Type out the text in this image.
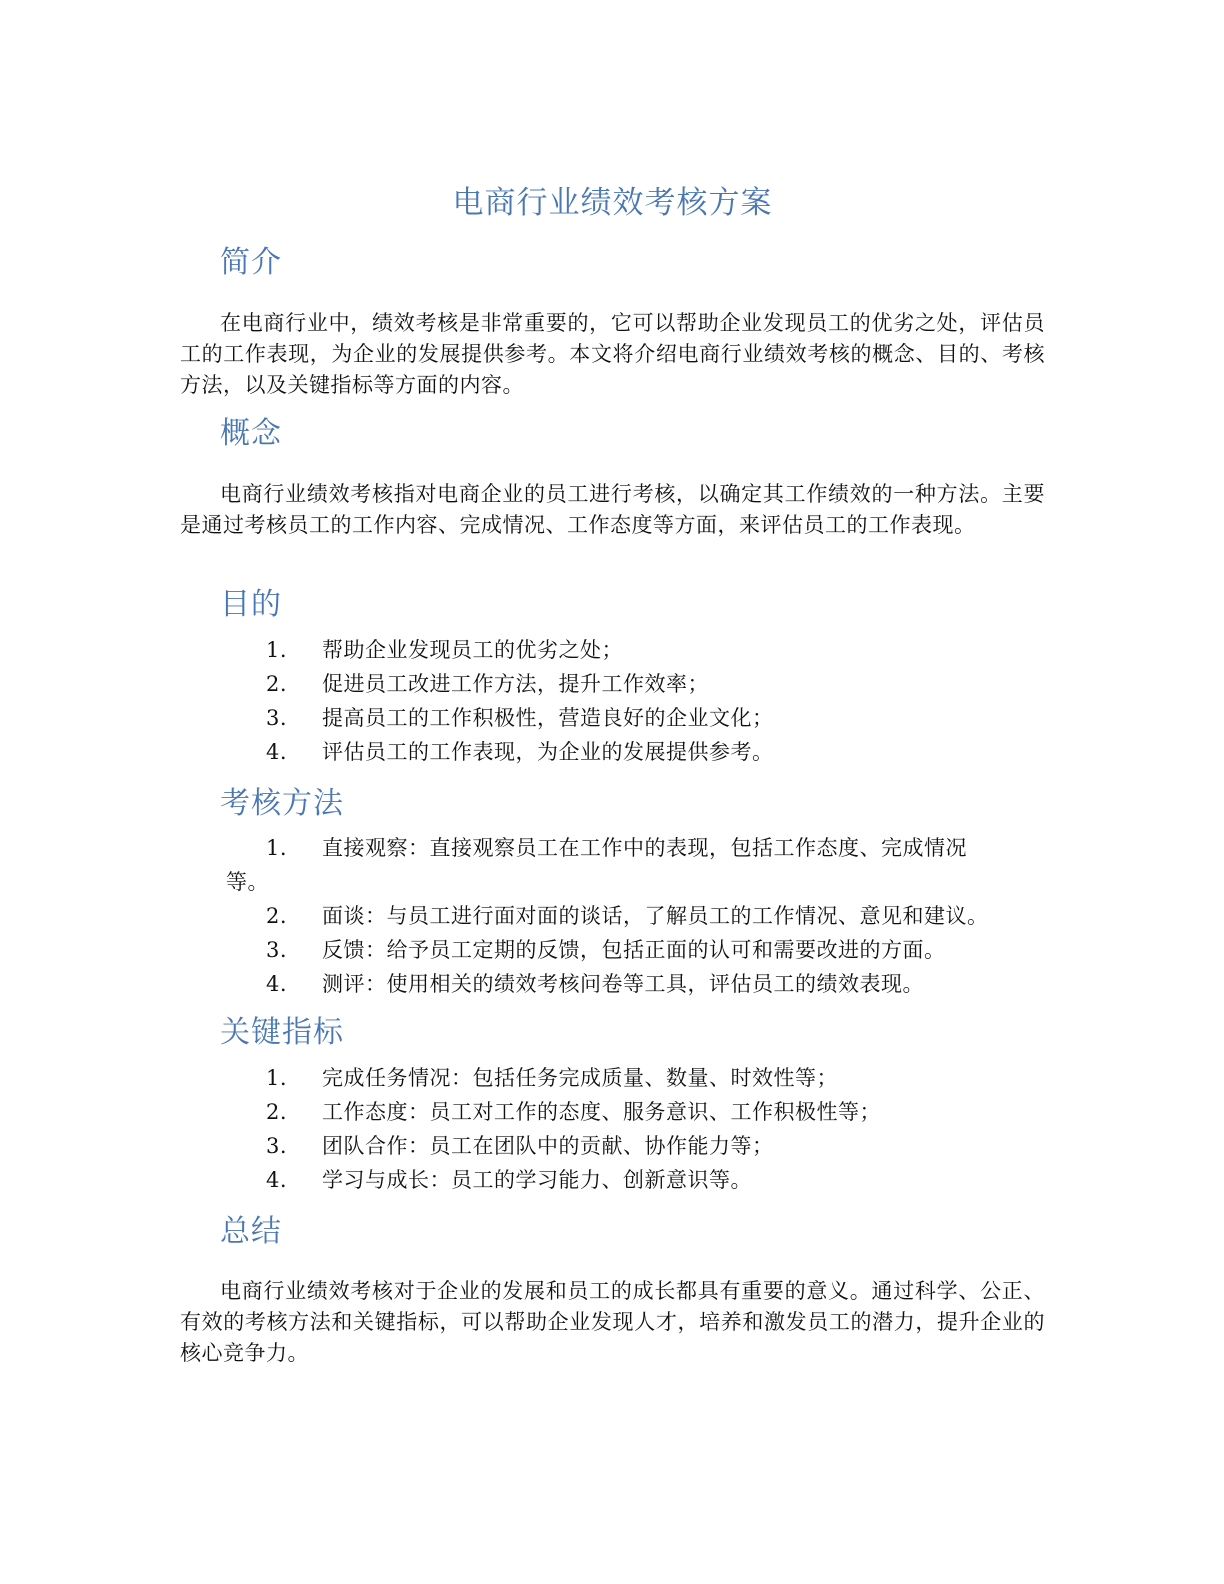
电商行业绩效考核方案
简介

在电商行业中，绩效考核是非常重要的，它可以帮助企业发现员工的优劣之处，评估员工的工作表现，为企业的发展提供参考。本文将介绍电商行业绩效考核的概念、目的、考核方法，以及关键指标等方面的内容。

概念

电商行业绩效考核指对电商企业的员工进行考核，以确定其工作绩效的一种方法。主要是通过考核员工的工作内容、完成情况、工作态度等方面，来评估员工的工作表现。

目的
1. 帮助企业发现员工的优劣之处；
2. 促进员工改进工作方法，提升工作效率；
3. 提高员工的工作积极性，营造良好的企业文化；
4. 评估员工的工作表现，为企业的发展提供参考。
考核方法
1. 直接观察：直接观察员工在工作中的表现，包括工作态度、完成情况
等。
2. 面谈：与员工进行面对面的谈话，了解员工的工作情况、意见和建议。
3. 反馈：给予员工定期的反馈，包括正面的认可和需要改进的方面。
4. 测评：使用相关的绩效考核问卷等工具，评估员工的绩效表现。
关键指标
1. 完成任务情况：包括任务完成质量、数量、时效性等；
2. 工作态度：员工对工作的态度、服务意识、工作积极性等；
3. 团队合作：员工在团队中的贡献、协作能力等；
4. 学习与成长：员工的学习能力、创新意识等。
总结

电商行业绩效考核对于企业的发展和员工的成长都具有重要的意义。通过科学、公正、有效的考核方法和关键指标，可以帮助企业发现人才，培养和激发员工的潜力，提升企业的核心竞争力。
